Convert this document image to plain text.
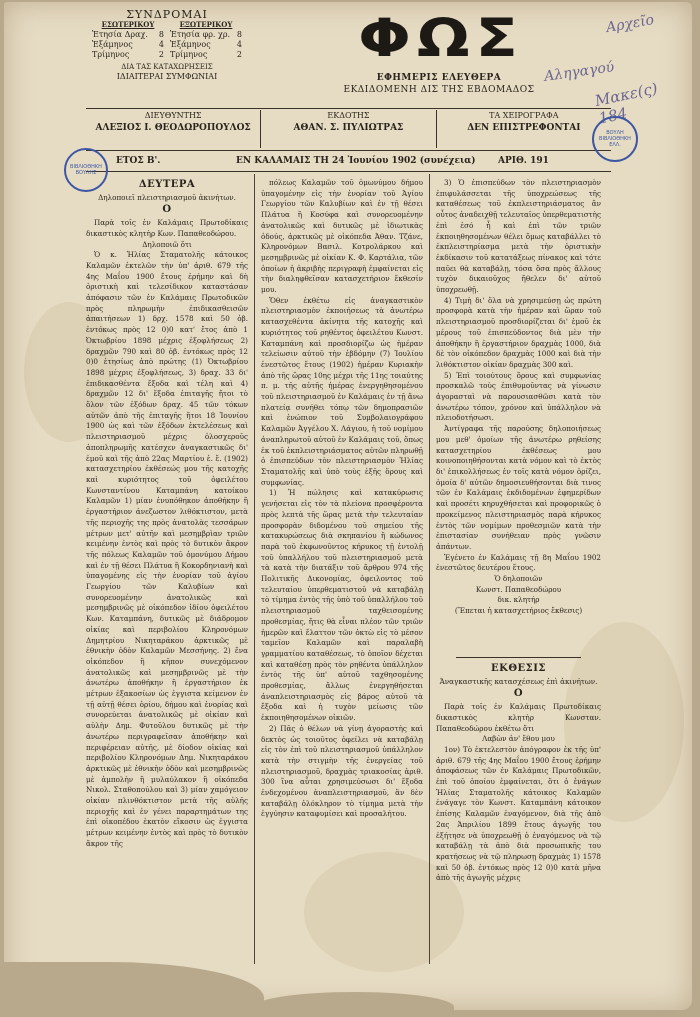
ΣΥΝΔΡΟΜΑΙ
ΕΣΩΤΕΡΙΚΟΥ
Ἐτησία Δραχ. 8
Ἑξάμηνος	4
Τρίμηνος	2
ΕΞΩΤΕΡΙΚΟΥ
Ἐτησία φρ. χρ. 8
Ἑξάμηνος	4
Τρίμηνος	2
ΔΙΑ ΤΑΣ ΚΑΤΑΧΩΡΗΣΕΙΣ
ΙΔΙΑΙΤΕΡΑΙ ΣΥΜΦΩΝΙΑΙ
ΦΩΣ
ΕΦΗΜΕΡΙΣ ΕΛΕΥΘΕΡΑ
ΕΚΔΙΔΟΜΕΝΗ ΔΙΣ ΤΗΣ ΕΒΔΟΜΑΔΟΣ
Αρχεῖο
Αληγαγού
Μακε(ς) 184
ΔΙΕΥΘΥΝΤΗΣ
ΑΛΕΞΙΟΣ Ι. ΘΕΟΔΩΡΟΠΟΥΛΟΣ
ΕΚΔΟΤΗΣ
ΑΘΑΝ. Σ. ΠΥΛΙΩΤΡΑΣ
ΤΑ ΧΕΙΡΟΓΡΑΦΑ
ΔΕΝ ΕΠΙΣΤΡΕΦΟΝΤΑΙ
ΕΤΟΣ Β'.	ΕΝ ΚΑΛΑΜΑΙΣ ΤΗ 24 Ἰουνίου 1902 (συνέχεια)	ΑΡΙΘ. 191
ΒΙΒΛΙΟΘΗΚΗ ΒΟΥΛΗΣ
ΒΟΥΛΗ ΒΙΒΛΙΟΘΗΚΗ ΕΛΛ.

ΔΕΥΤΕΡΑ

Δηλοποιεῖ πλειστηριασμοῦ ἀκινήτων.

Ο

Παρὰ τοῖς ἐν Καλάμαις Πρωτοδίκαις δικαστικὸς κλητὴρ Κων. Παπαθεοδώρου.

Δηλοποιῶ ὅτι

Ὁ κ. Ἠλίας Σταματολῆς κάτοικος Καλαμῶν ἐκτελῶν τὴν ὑπ' ἀριθ. 679 τῆς 4ης Μαΐου 1900 ἔτους ἐρήμην καὶ δὴ ὁριστικὴ καὶ τελεσίδικον καταστάσαν ἀπόφασιν τῶν ἐν Καλάμαις Πρωτοδικῶν πρὸς πληρωμὴν ἐπιδικασθεισῶν ἀπαιτήσεων 1) δρχ. 1578 καὶ 50 ὀβ. ἐντόκως πρὸς 12 0)0 κατ' ἔτος ἀπὸ 1 Ὀκτωβρίου 1898 μέχρις ἐξοφλήσεως 2) δραχμῶν 790 καὶ 80 ὀβ. ἐντόκως πρὸς 12 0)0 ἐτησίως ἀπὸ πρώτης (1) Ὀκτωβρίου 1898 μέχρις ἐξοφλήσεως, 3) δραχ. 33 δι' ἐπιδικασθέντα ἔξοδα καὶ τέλη καὶ 4) δραχμῶν 12 δι' ἔξοδα ἐπιταγῆς ἤτοι τὸ ὅλον τῶν ἐξόδων δραχ. 45 τῶν τόκων αὐτῶν ἀπὸ τῆς ἐπιταγῆς ἤτοι 18 Ἰουνίου 1900 ὡς καὶ τῶν ἐξόδων ἐκτελέσεως καὶ πλειστηριασμοῦ μέχρις ὁλοσχεροῦς ἀποπληρωμῆς κατέσχεν ἀναγκαστικῶς δι' ἐμοῦ καὶ τῆς ἀπὸ 22ας Μαρτίου ἐ. ἔ. (1902) κατασχετηρίου ἐκθέσεώς μου τῆς κατοχῆς καὶ κυριότητος τοῦ ὀφειλέτου Κωνσταντίνου Καταμπάνη κατοίκου Καλαμῶν 1) μίαν ἐνυπόθηκον ἀποθήκην ἢ ἐργαστήριον ἀνεζωστον λιθόκτιστον, μετὰ τῆς περιοχῆς της πρὸς ἀνατολὰς τεσσάρων μέτρων μετ' αὐτῆν καὶ μεσημβρὶαν τριῶν κειμένην ἐντὸς καὶ πρὸς τὸ δυτικὸν ἄκρον τῆς πόλεως Καλαμῶν τοῦ ὁμονύμου Δήμου καὶ ἐν τῇ θέσει Πλάτυα ἢ Κοκορδηνιανὴ καὶ ὑπαγομένης εἰς τὴν ἐνορίαν τοῦ ἁγίου Γεωργίου τῶν Καλυβίων καὶ συνορευομένην ἀνατολικῶς καὶ μεσημβρινῶς μὲ οἰκόπεδον ἰδίου ὀφειλέτου Κων. Καταμπάνη, δυτικῶς μὲ διάδρομον οἰκίας καὶ περιβολίου Κληρονόμων Δημητρίου Νικηταράκου ἀρκτικῶς μὲ ἐθνικὴν ὁδὸν Καλαμῶν Μεσσήνης. 2) ἕνα οἰκόπεδον ἢ κῆπον συνεχόμενον ἀνατολικῶς καὶ μεσημβρινῶς μὲ τὴν ἀνωτέρω ἀποθήκην ἢ ἐργαστήριον ἐκ μέτρων ἑξακοσίων ὡς ἐγγιστα κείμενον ἐν τῇ αὐτῇ θέσει ὁρίου, δήμου καὶ ἐνορίας καὶ συνορεύεται ἀνατολικῶς μὲ οἰκίαν καὶ αὐλὴν Δημ. Φυτοῦλου δυτικῶς μὲ τὴν ἀνωτέρω περιγραφεῖσαν ἀποθήκην καὶ περιφέρειαν αὐτῆς, μὲ δίοδον οἰκίας καὶ περιβολίου Κληρονόμων Δημ. Νικηταράκου ἀρκτικῶς μὲ ἐθνικὴν ὁδὸν καὶ μεσημβρινῶς μὲ ἀμπολὴν ἢ μυλαύλακον ἢ οἰκόπεδα Νικολ. Σταθοπούλου καὶ 3) μίαν χαμόγειον οἰκίαν πλινθόκτιστον μετὰ τῆς αὐλῆς περιοχῆς καὶ ἐν γένει παραρτημάτων της ἐπὶ οἰκοπέδου ἑκατὸν εἴκοσιν ὡς ἐγγιστα μέτρων κειμένην ἐντὸς καὶ πρὸς τὸ δυτικὸν ἄκρον τῆς

πόλεως Καλαμῶν τοῦ ὁμωνύμου δήμου ὑπαγομένην εἰς τὴν ἐνορίαν τοῦ Ἁγίου Γεωργίου τῶν Καλυβίων καὶ ἐν τῇ θέσει Πλάτυα ἢ Κοσύφα καὶ συνορευομένην ἀνατολικῶς καὶ δυτικῶς μὲ ἰδιωτικὰς ὁδούς, ἀρκτικῶς μὲ οἰκόπεδα Ἀθαν. Τζάνε, Κληρονόμων Βασιλ. Κοτρολάρκου καὶ μεσημβρινῶς μὲ οἰκίαν Κ. Φ. Καρτάλια, τῶν ὁποίων ἡ ἀκριβὴς περιγραφὴ ἐμφαίνεται εἰς τὴν διαληφθεῖσαν κατασχετήριον ἔκθεσίν μου.

Ὅθεν ἐκθέτω εἰς ἀναγκαστικὸν πλειστηριασμὸν ἐκποιήσεως τὰ ἀνωτέρω κατασχεθέντα ἀκίνητα τῆς κατοχῆς καὶ κυριότητος τοῦ ρηθέντος ὀφειλέτου Κωνστ. Καταμπάνη καὶ προσδιορίζω ὡς ἡμέραν τελείωσιν αὐτοῦ τὴν ἑβδόμην (7) Ἰουλίου ἐνεστῶτος ἔτους (1902) ἡμέραν Κυριακὴν ἀπὸ τῆς ὥρας 10ης μέχρι τῆς 11ης τοιαύτης π. μ. τῆς αὐτῆς ἡμέρας ἐνεργηθησομένου τοῦ πλειστηριασμοῦ ἐν Καλάμαις ἐν τῇ ἄνω πλατείᾳ συνήθει τόπῳ τῶν δημοπρασιῶν καὶ ἐνώπιον τοῦ Συμβολαιογράφου Καλαμῶν Ἀγγέλου Χ. Λάγιου, ἡ τοῦ νομίμου ἀναπληρωτοῦ αὐτοῦ ἐν Καλάμαις τοῦ, ὅπως ἐκ τοῦ ἐκπλειστηριάσματος αὐτῶν πληρωθῇ ὁ ἐπισπεύδων τὸν πλειστηριασμὸν Ἠλίας Σταματολῆς καὶ ὑπὸ τοὺς ἑξῆς ὅρους καὶ συμφωνίας.

1) Ἡ πώλησις καὶ κατακύρωσις γενήσεται εἰς τὸν τὰ πλείονα προσφέροντα πρὸς λεπτὰ τῆς ὥρας μετὰ τὴν τελευταίαν προσφορὰν διδομένου τοῦ σημείου τῆς κατακυρώσεως διὰ σκηπανίου ἢ κώδωνος παρὰ τοῦ ἐκφωνοῦντος κήρυκος τῇ ἐντολῇ τοῦ ὑπαλλήλου τοῦ πλειστηριασμοῦ μετὰ τὰ κατὰ τὴν διατάξιν τοῦ ἄρθρου 974 τῆς Πολιτικῆς Δικονομίας, ὀφειλοντος τοῦ τελευταίου ὑπερθεματιστοῦ νὰ καταβάλῃ τὸ τίμημα ἐντὸς τῆς ὑπὸ τοῦ ὑπαλλήλου τοῦ πλειστηριασμοῦ ταχθεισομένης προθεσμίας, ἥτις θὰ εἶναι πλέον τῶν τριῶν ἡμερῶν καὶ ἔλαττον τῶν ὀκτὼ εἰς τὸ μέσον ταμεῖον Καλαμῶν καὶ παραλαβὴ γραμματίου καταθέσεως, τὸ ὁποῖον δέχεται καὶ καταθέσῃ πρὸς τὸν ρηθέντα ὑπάλληλον ἐντὸς τῆς ὑπ' αὐτοῦ ταχθησομένης προθεσμίας, ἄλλως ἐνεργηθήσεται ἀναπλειστηριασμὸς εἰς βάρος αὐτοῦ τὰ ἔξοδα καὶ ἡ τυχὸν μείωσις τῶν ἐκποιηθησομένων οἰκιῶν.

2) Πᾶς ὁ θέλων νὰ γίνῃ ἀγοραστὴς καὶ δεκτὸς ὡς τοιοῦτος ὀφείλει νὰ καταβάλῃ εἰς τὸν ἐπὶ τοῦ πλειστηριασμοῦ ὑπάλληλον κατὰ τὴν στιγμὴν τῆς ἐνεργείας τοῦ πλειστηριασμοῦ, δραχμὰς τριακοσίας ἀριθ. 300 ἵνα αὗται χρησιμεύσωσι δι' ἔξοδα ἐνδεχομένου ἀναπλειστηριασμοῦ, ἂν δὲν καταβάλῃ ὁλόκληρον τὸ τίμημα μετὰ τὴν ἐγγύησιν καταφυμίσει καὶ προσαλήτου.

3) Ὁ ἐπισπεύδων τὸν πλειστηριασμὸν ἐπιφυλάσσεται τῆς ὑποχρεώσεως τῆς καταθέσεως τοῦ ἐκπλειστηριάσματος ἂν οὗτος ἀναδειχθῇ τελευταῖος ὑπερθεματιστὴς ἐπὶ ἐσό ἦ καὶ ἐπὶ τῶν τριῶν ἐκποιηθησομένων θέλει ὅμως καταβάλλει τὸ ἐκπλειστηρίασμα μετὰ τὴν ὁριστικὴν ἐκδίκασιν τοῦ κατατάξεως πίνακος καὶ τότε παῦει θὰ καταβάλῃ, τόσα ὅσα πρὸς ἄλλους τυχὸν δικαιοῦχος ἤθελεν δι' αὐτοῦ ὑποχρεωθῇ.

4) Τιμὴ δι' ὅλα νὰ χρησιμεύσῃ ὡς πρώτη προσφορὰ κατὰ τὴν ἡμέραν καὶ ὥραν τοῦ πλειστηριασμοῦ προσδιορίζεται δι' ἐμοῦ ἐκ μέρους τοῦ ἐπισπεύδοντος διὰ μὲν τὴν ἀποθήκην ἢ ἐργαστήριον δραχμὰς 1000, διὰ δὲ τὸν οἰκόπεδον δραχμὰς 1000 καὶ διὰ τὴν λιθόκτιστον οἰκίαν δραχμὰς 300 καὶ.

5) Ἐπὶ τοιούτους ὅρους καὶ συμφωνίας προσκαλῶ τοὺς ἐπιθυμοῦντας νὰ γίνωσιν ἀγορασταὶ νὰ παρουσιασθῶσι κατὰ τὸν ἀνωτέρω τόπον, χρόνον καὶ ὑπάλληλον νὰ πλειοδοτήσωσι.

Ἀντίγραφα τῆς παρούσης δηλοποιήσεως μου μεθ' ὁμοίων τῆς ἀνωτέρω ρηθείσης κατασχετηρίου ἐκθέσεως μου κοινοποιηθήσονται κατὰ νόμον καὶ τὸ ἐκτὸς δι' ἐπικολλήσεως ἐν τοῖς κατὰ νόμον ὁρίζει, ὁμοία δ' αὐτῶν δημοσιευθήσονται διὰ τινος τῶν ἐν Καλάμαις ἐκδιδομένων ἐφημερίδων καὶ προσέτι κηρυχθήσεται καὶ προφορικῶς ὁ προκείμενος πλειστηριασμὸς παρὰ κήρυκος ἐντὸς τῶν νομίμων προθεσμιῶν κατὰ τὴν ἐπιστασίαν συνήθειαν πρὸς γνῶσιν ἁπάντων.

Ἐγένετο ἐν Καλάμαις τῇ 8η Μαΐου 1902 ἐνεστῶτος δευτέρου ἔτους.

Ὁ δηλοποιῶν

Κωνστ. Παπαθεοδώρου

δικ. κλητήρ

(Ἕπεται ἡ κατασχετήριος ἔκθεσις)

ΕΚΘΕΣΙΣ

Ἀναγκαστικῆς κατασχέσεως ἐπὶ ἀκινήτων.

Ο

Παρὰ τοῖς ἐν Καλάμαις Πρωτοδίκαις δικαστικὸς κλητὴρ Κωνσταν. Παπαθεοδώρου ἐκθέτω ὅτι

Λαβὼν ἀν' ἔθου μου

1ον) Τὸ ἐκτελεστὸν ἀπόγραφον ἐκ τῆς ὑπ' ἀριθ. 679 τῆς 4ης Μαΐου 1900 ἔτους ἐρήμην ἀποφάσεως τῶν ἐν Καλάμαις Πρωτοδικῶν, ἐπὶ τοῦ ὁποίου ἐμφαίνεται, ὅτι ὁ ἐνάγων Ἠλίας Σταματολῆς κάτοικος Καλαμῶν ἐνάγαγε τὸν Κωνστ. Καταμπάνη κάτοικον ἐπίσης Καλαμῶν ἐναγόμενον, διὰ τῆς ἀπὸ 2ας Ἀπριλίου 1899 ἔτους ἀγωγῆς του ἐξήτησε νὰ ὑποχρεωθῇ ὁ ἐναγόμενος νὰ τῷ καταβάλῃ τὰ ἀπὸ διὰ προσωπικῆς του κρατήσεως νὰ τῷ πληρωσῃ δραχμὰς 1) 1578 καὶ 50 ὀβ. ἐντόκως πρὸς 12 0)0 κατὰ μῆνα ἀπὸ τῆς ἀγωγῆς μέχρις
